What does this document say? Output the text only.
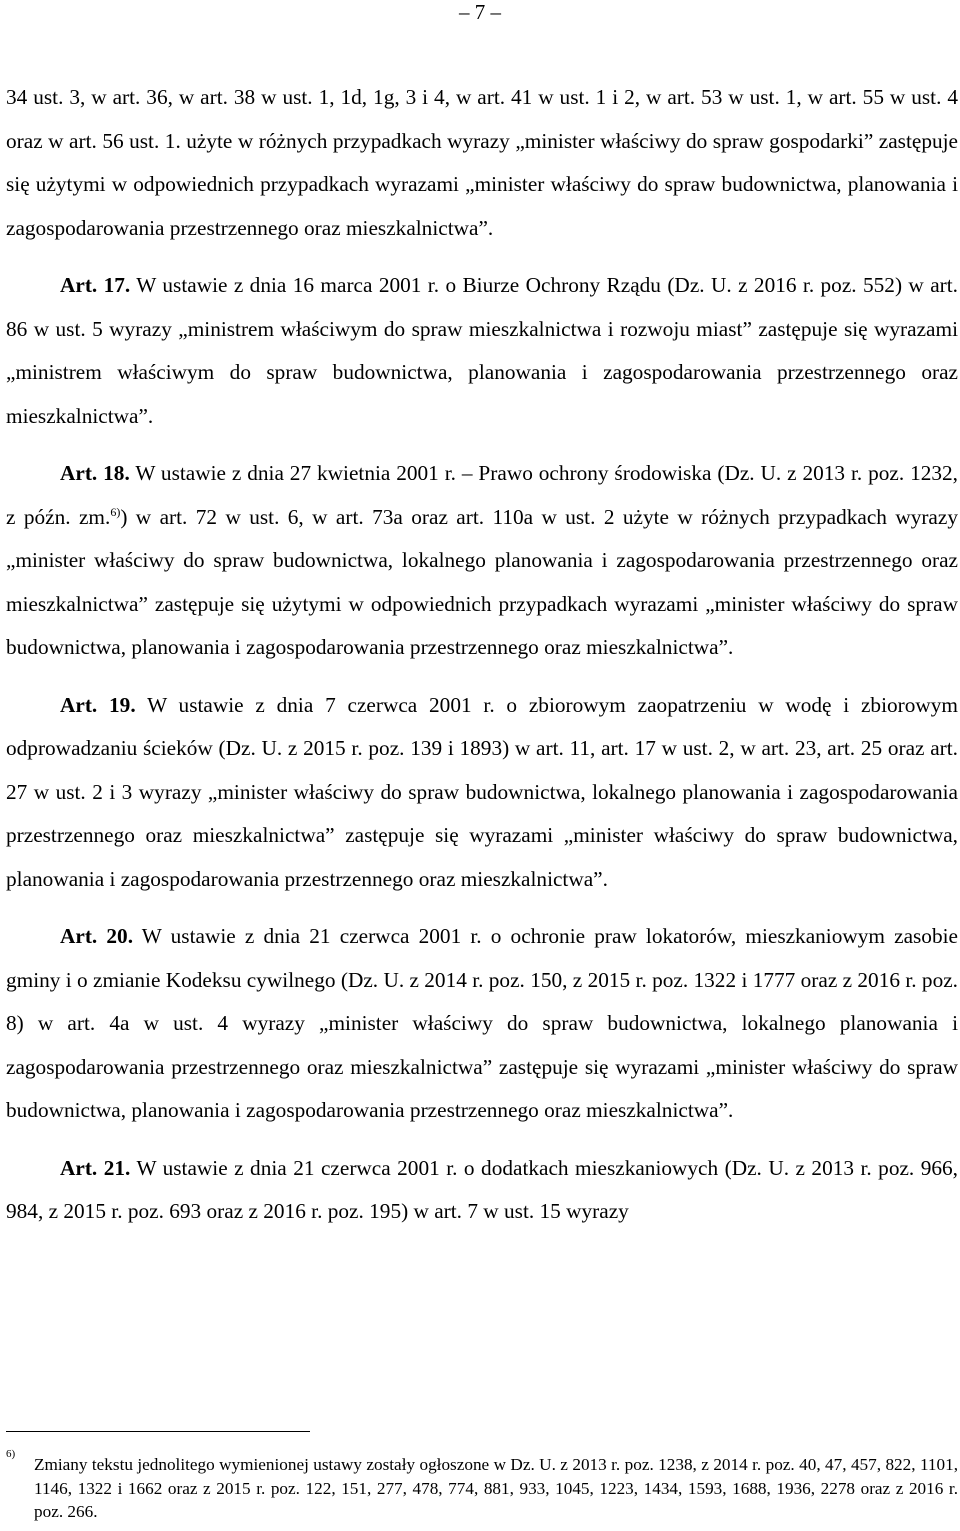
– 7 –

34 ust. 3, w art. 36, w art. 38 w ust. 1, 1d, 1g, 3 i 4, w art. 41 w ust. 1 i 2, w art. 53 w ust. 1, w art. 55 w ust. 4 oraz w art. 56 ust. 1. użyte w różnych przypadkach wyrazy „minister właściwy do spraw gospodarki” zastępuje się użytymi w odpowiednich przypadkach wyrazami „minister właściwy do spraw budownictwa, planowania i zagospodarowania przestrzennego oraz mieszkalnictwa”.

Art. 17. W ustawie z dnia 16 marca 2001 r. o Biurze Ochrony Rządu (Dz. U. z 2016 r. poz. 552) w art. 86 w ust. 5 wyrazy „ministrem właściwym do spraw mieszkalnictwa i rozwoju miast” zastępuje się wyrazami „ministrem właściwym do spraw budownictwa, planowania i zagospodarowania przestrzennego oraz mieszkalnictwa”.

Art. 18. W ustawie z dnia 27 kwietnia 2001 r. – Prawo ochrony środowiska (Dz. U. z 2013 r. poz. 1232, z późn. zm.$^{6)}$) w art. 72 w ust. 6, w art. 73a oraz art. 110a w ust. 2 użyte w różnych przypadkach wyrazy „minister właściwy do spraw budownictwa, lokalnego planowania i zagospodarowania przestrzennego oraz mieszkalnictwa” zastępuje się użytymi w odpowiednich przypadkach wyrazami „minister właściwy do spraw budownictwa, planowania i zagospodarowania przestrzennego oraz mieszkalnictwa”.

Art. 19. W ustawie z dnia 7 czerwca 2001 r. o zbiorowym zaopatrzeniu w wodę i zbiorowym odprowadzaniu ścieków (Dz. U. z 2015 r. poz. 139 i 1893) w art. 11, art. 17 w ust. 2, w art. 23, art. 25 oraz art. 27 w ust. 2 i 3 wyrazy „minister właściwy do spraw budownictwa, lokalnego planowania i zagospodarowania przestrzennego oraz mieszkalnictwa” zastępuje się wyrazami „minister właściwy do spraw budownictwa, planowania i zagospodarowania przestrzennego oraz mieszkalnictwa”.

Art. 20. W ustawie z dnia 21 czerwca 2001 r. o ochronie praw lokatorów, mieszkaniowym zasobie gminy i o zmianie Kodeksu cywilnego (Dz. U. z 2014 r. poz. 150, z 2015 r. poz. 1322 i 1777 oraz z 2016 r. poz. 8) w art. 4a w ust. 4 wyrazy „minister właściwy do spraw budownictwa, lokalnego planowania i zagospodarowania przestrzennego oraz mieszkalnictwa” zastępuje się wyrazami „minister właściwy do spraw budownictwa, planowania i zagospodarowania przestrzennego oraz mieszkalnictwa”.

Art. 21. W ustawie z dnia 21 czerwca 2001 r. o dodatkach mieszkaniowych (Dz. U. z 2013 r. poz. 966, 984, z 2015 r. poz. 693 oraz z 2016 r. poz. 195) w art. 7 w ust. 15 wyrazy

6)

Zmiany tekstu jednolitego wymienionej ustawy zostały ogłoszone w Dz. U. z 2013 r. poz. 1238, z 2014 r. poz. 40, 47, 457, 822, 1101, 1146, 1322 i 1662 oraz z 2015 r. poz. 122, 151, 277, 478, 774, 881, 933, 1045, 1223, 1434, 1593, 1688, 1936, 2278 oraz z 2016 r. poz. 266.
